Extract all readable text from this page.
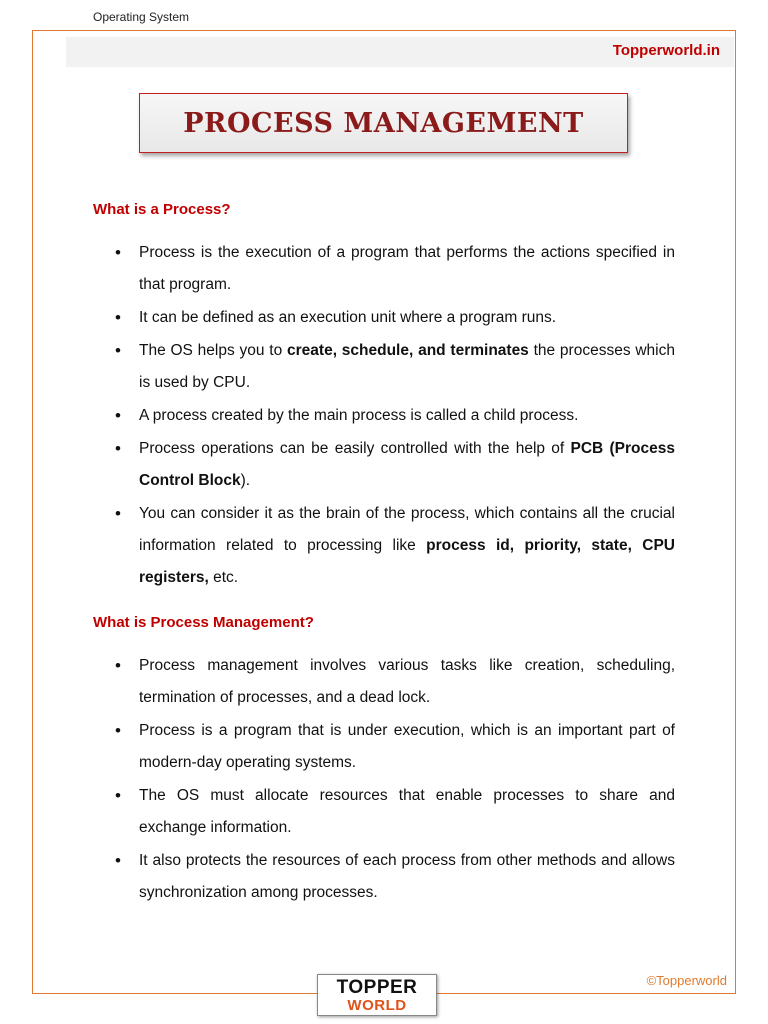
Operating System
Topperworld.in
PROCESS MANAGEMENT
What is a Process?
• Process is the execution of a program that performs the actions specified in that program.
• It can be defined as an execution unit where a program runs.
• The OS helps you to create, schedule, and terminates the processes which is used by CPU.
• A process created by the main process is called a child process.
• Process operations can be easily controlled with the help of PCB (Process Control Block).
• You can consider it as the brain of the process, which contains all the crucial information related to processing like process id, priority, state, CPU registers, etc.
What is Process Management?
• Process management involves various tasks like creation, scheduling, termination of processes, and a dead lock.
• Process is a program that is under execution, which is an important part of modern-day operating systems.
• The OS must allocate resources that enable processes to share and exchange information.
• It also protects the resources of each process from other methods and allows synchronization among processes.
©Topperworld
TOPPER
WORLD
